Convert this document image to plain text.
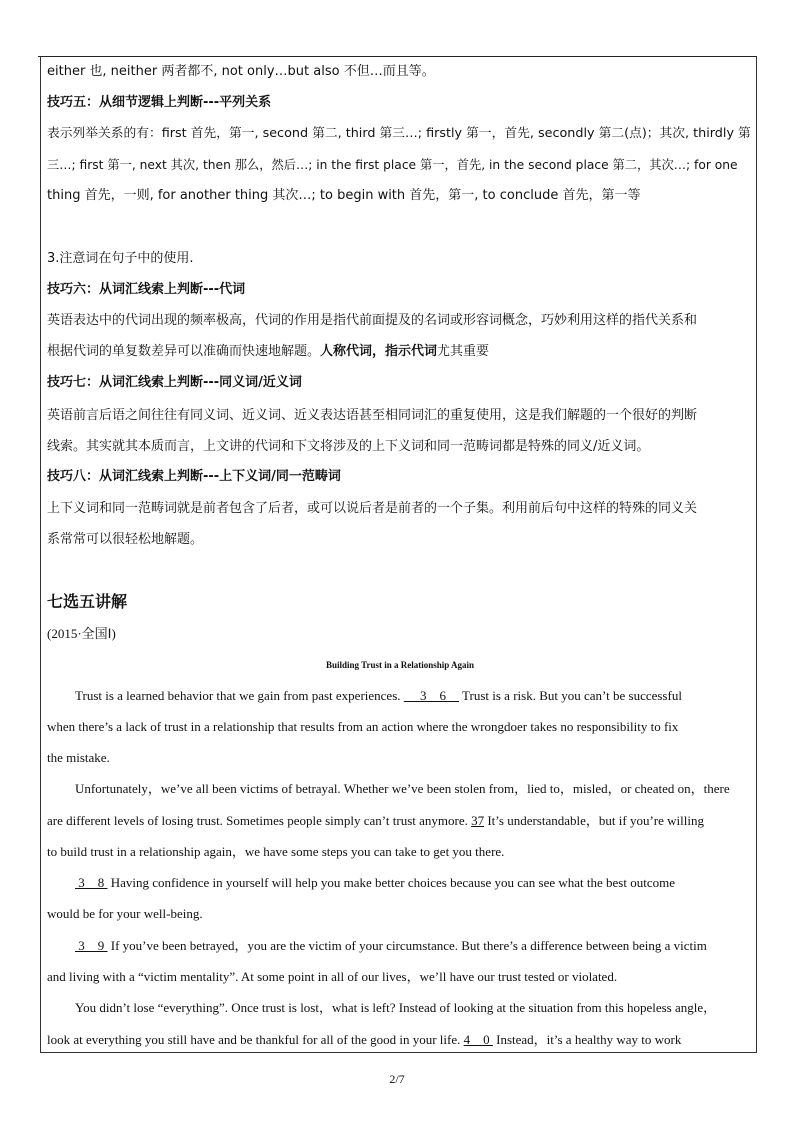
either 也, neither 两者都不, not only…but also 不但…而且等。
技巧五：从细节逻辑上判断---平列关系
表示列举关系的有：first 首先，第一, second 第二, third 第三…; firstly 第一，首先, secondly 第二(点)；其次, thirdly 第
三…; first 第一, next 其次, then 那么，然后…; in the first place 第一，首先, in the second place 第二，其次…; for one
thing 首先，一则, for another thing 其次…; to begin with 首先，第一, to conclude 首先，第一等
3.注意词在句子中的使用.
技巧六：从词汇线索上判断---代词
英语表达中的代词出现的频率极高，代词的作用是指代前面提及的名词或形容词概念，巧妙利用这样的指代关系和
根据代词的单复数差异可以准确而快速地解题。人称代词，指示代词尤其重要
技巧七：从词汇线索上判断---同义词/近义词
英语前言后语之间往往有同义词、近义词、近义表达语甚至相同词汇的重复使用，这是我们解题的一个很好的判断
线索。其实就其本质而言，上文讲的代词和下文将涉及的上下义词和同一范畴词都是特殊的同义/近义词。
技巧八：从词汇线索上判断---上下义词/同一范畴词
上下义词和同一范畴词就是前者包含了后者，或可以说后者是前者的一个子集。利用前后句中这样的特殊的同义关
系常常可以很轻松地解题。
七选五讲解
(2015·全国Ⅰ)
Building Trust in a Relationship Again
Trust is a learned behavior that we gain from past experiences.      3    6     Trust is a risk. But you can’t be successful
when there’s a lack of trust in a relationship that results from an action where the wrongdoer takes no responsibility to fix
the mistake.
Unfortunately，we’ve all been victims of betrayal. Whether we’ve been stolen from，lied to，misled，or cheated on，there
are different levels of losing trust. Sometimes people simply can’t trust anymore. 37 It’s understandable，but if you’re willing
to build trust in a relationship again，we have some steps you can take to get you there.
3    8  Having confidence in yourself will help you make better choices because you can see what the best outcome
would be for your well-being.
3    9  If you’ve been betrayed，you are the victim of your circumstance. But there’s a difference between being a victim
and living with a “victim mentality”. At some point in all of our lives，we’ll have our trust tested or violated.
You didn’t lose “everything”. Once trust is lost，what is left? Instead of looking at the situation from this hopeless angle，
look at everything you still have and be thankful for all of the good in your life. 4    0  Instead，it’s a healthy way to work
2/7
